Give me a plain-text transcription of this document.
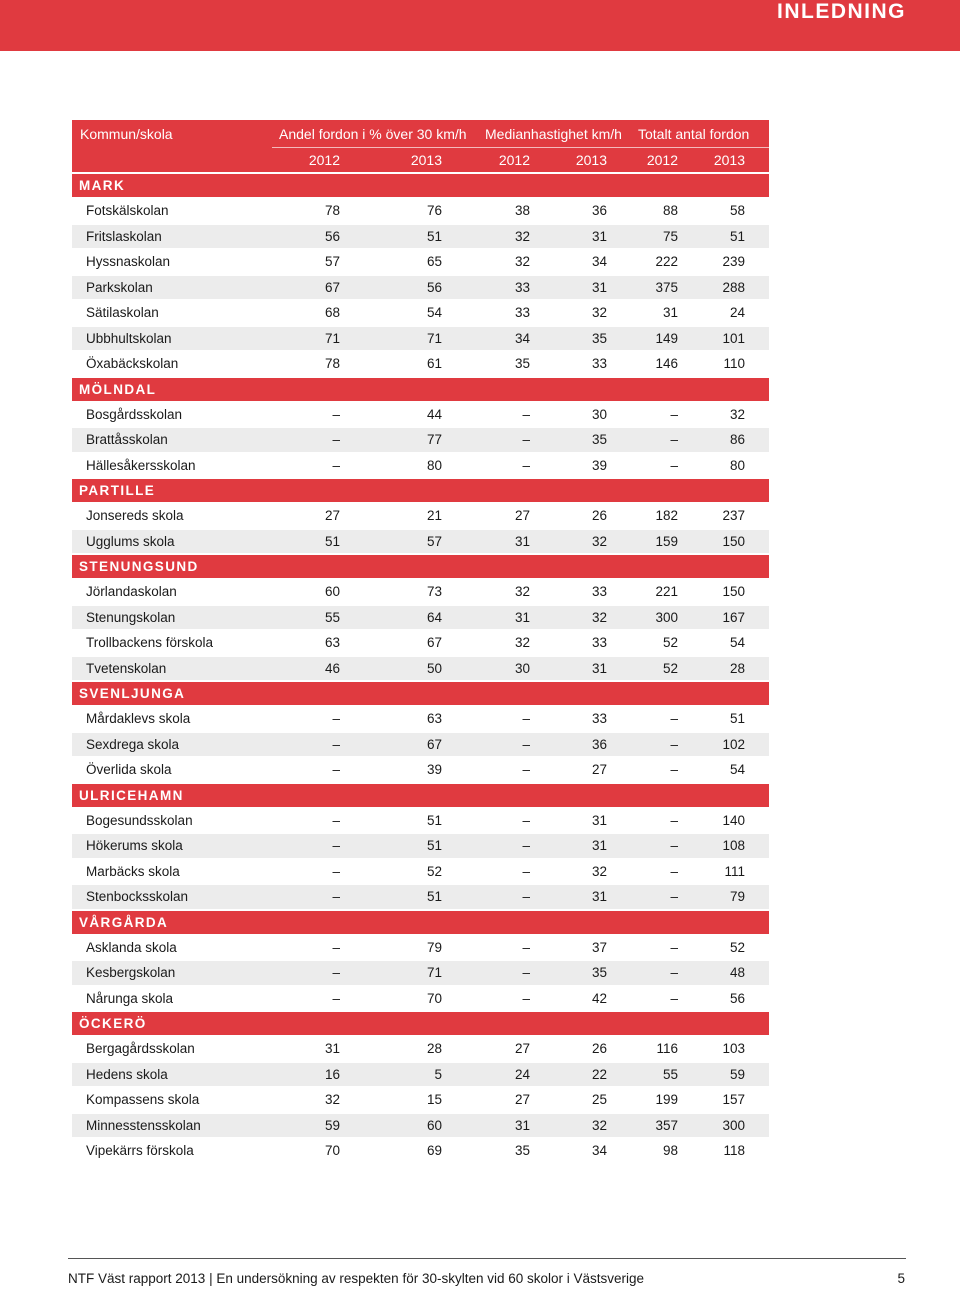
INLEDNING
Kommun/skola	Andel fordon i % över 30 km/h Medianhastighet km/h Totalt antal fordon
2012	2013	2012	2013	2012	2013
MARK
Fotskälskolan	78	76	38	36	88	58
Fritslaskolan	56	51	32	31	75	51
Hyssnaskolan	57	65	32	34	222	239
Parkskolan	67	56	33	31	375	288
Sätilaskolan	68	54	33	32	31	24
Ubbhultskolan	71	71	34	35	149	101
Öxabäckskolan	78	61	35	33	146	110
MÖLNDAL
Bosgårdsskolan	–	44	–	30	–	32
Brattåsskolan	–	77	–	35	–	86
Hällesåkersskolan	–	80	–	39	–	80
PARTILLE
Jonsereds skola	27	21	27	26	182	237
Ugglums skola	51	57	31	32	159	150
STENUNGSUND
Jörlandaskolan	60	73	32	33	221	150
Stenungskolan	55	64	31	32	300	167
Trollbackens förskola	63	67	32	33	52	54
Tvetenskolan	46	50	30	31	52	28
SVENLJUNGA
Mårdaklevs skola	–	63	–	33	–	51
Sexdrega skola	–	67	–	36	–	102
Överlida skola	–	39	–	27	–	54
ULRICEHAMN
Bogesundsskolan	–	51	–	31	–	140
Hökerums skola	–	51	–	31	–	108
Marbäcks skola	–	52	–	32	–	111
Stenbocksskolan	–	51	–	31	–	79
VÅRGÅRDA
Asklanda skola	–	79	–	37	–	52
Kesbergskolan	–	71	–	35	–	48
Nårunga skola	–	70	–	42	–	56
ÖCKERÖ
Bergagårdsskolan	31	28	27	26	116	103
Hedens skola	16	5	24	22	55	59
Kompassens skola	32	15	27	25	199	157
Minnesstensskolan	59	60	31	32	357	300
Vipekärrs förskola	70	69	35	34	98	118
NTF Väst rapport 2013 | En undersökning av respekten för 30-skylten vid 60 skolor i Västsverige	5
